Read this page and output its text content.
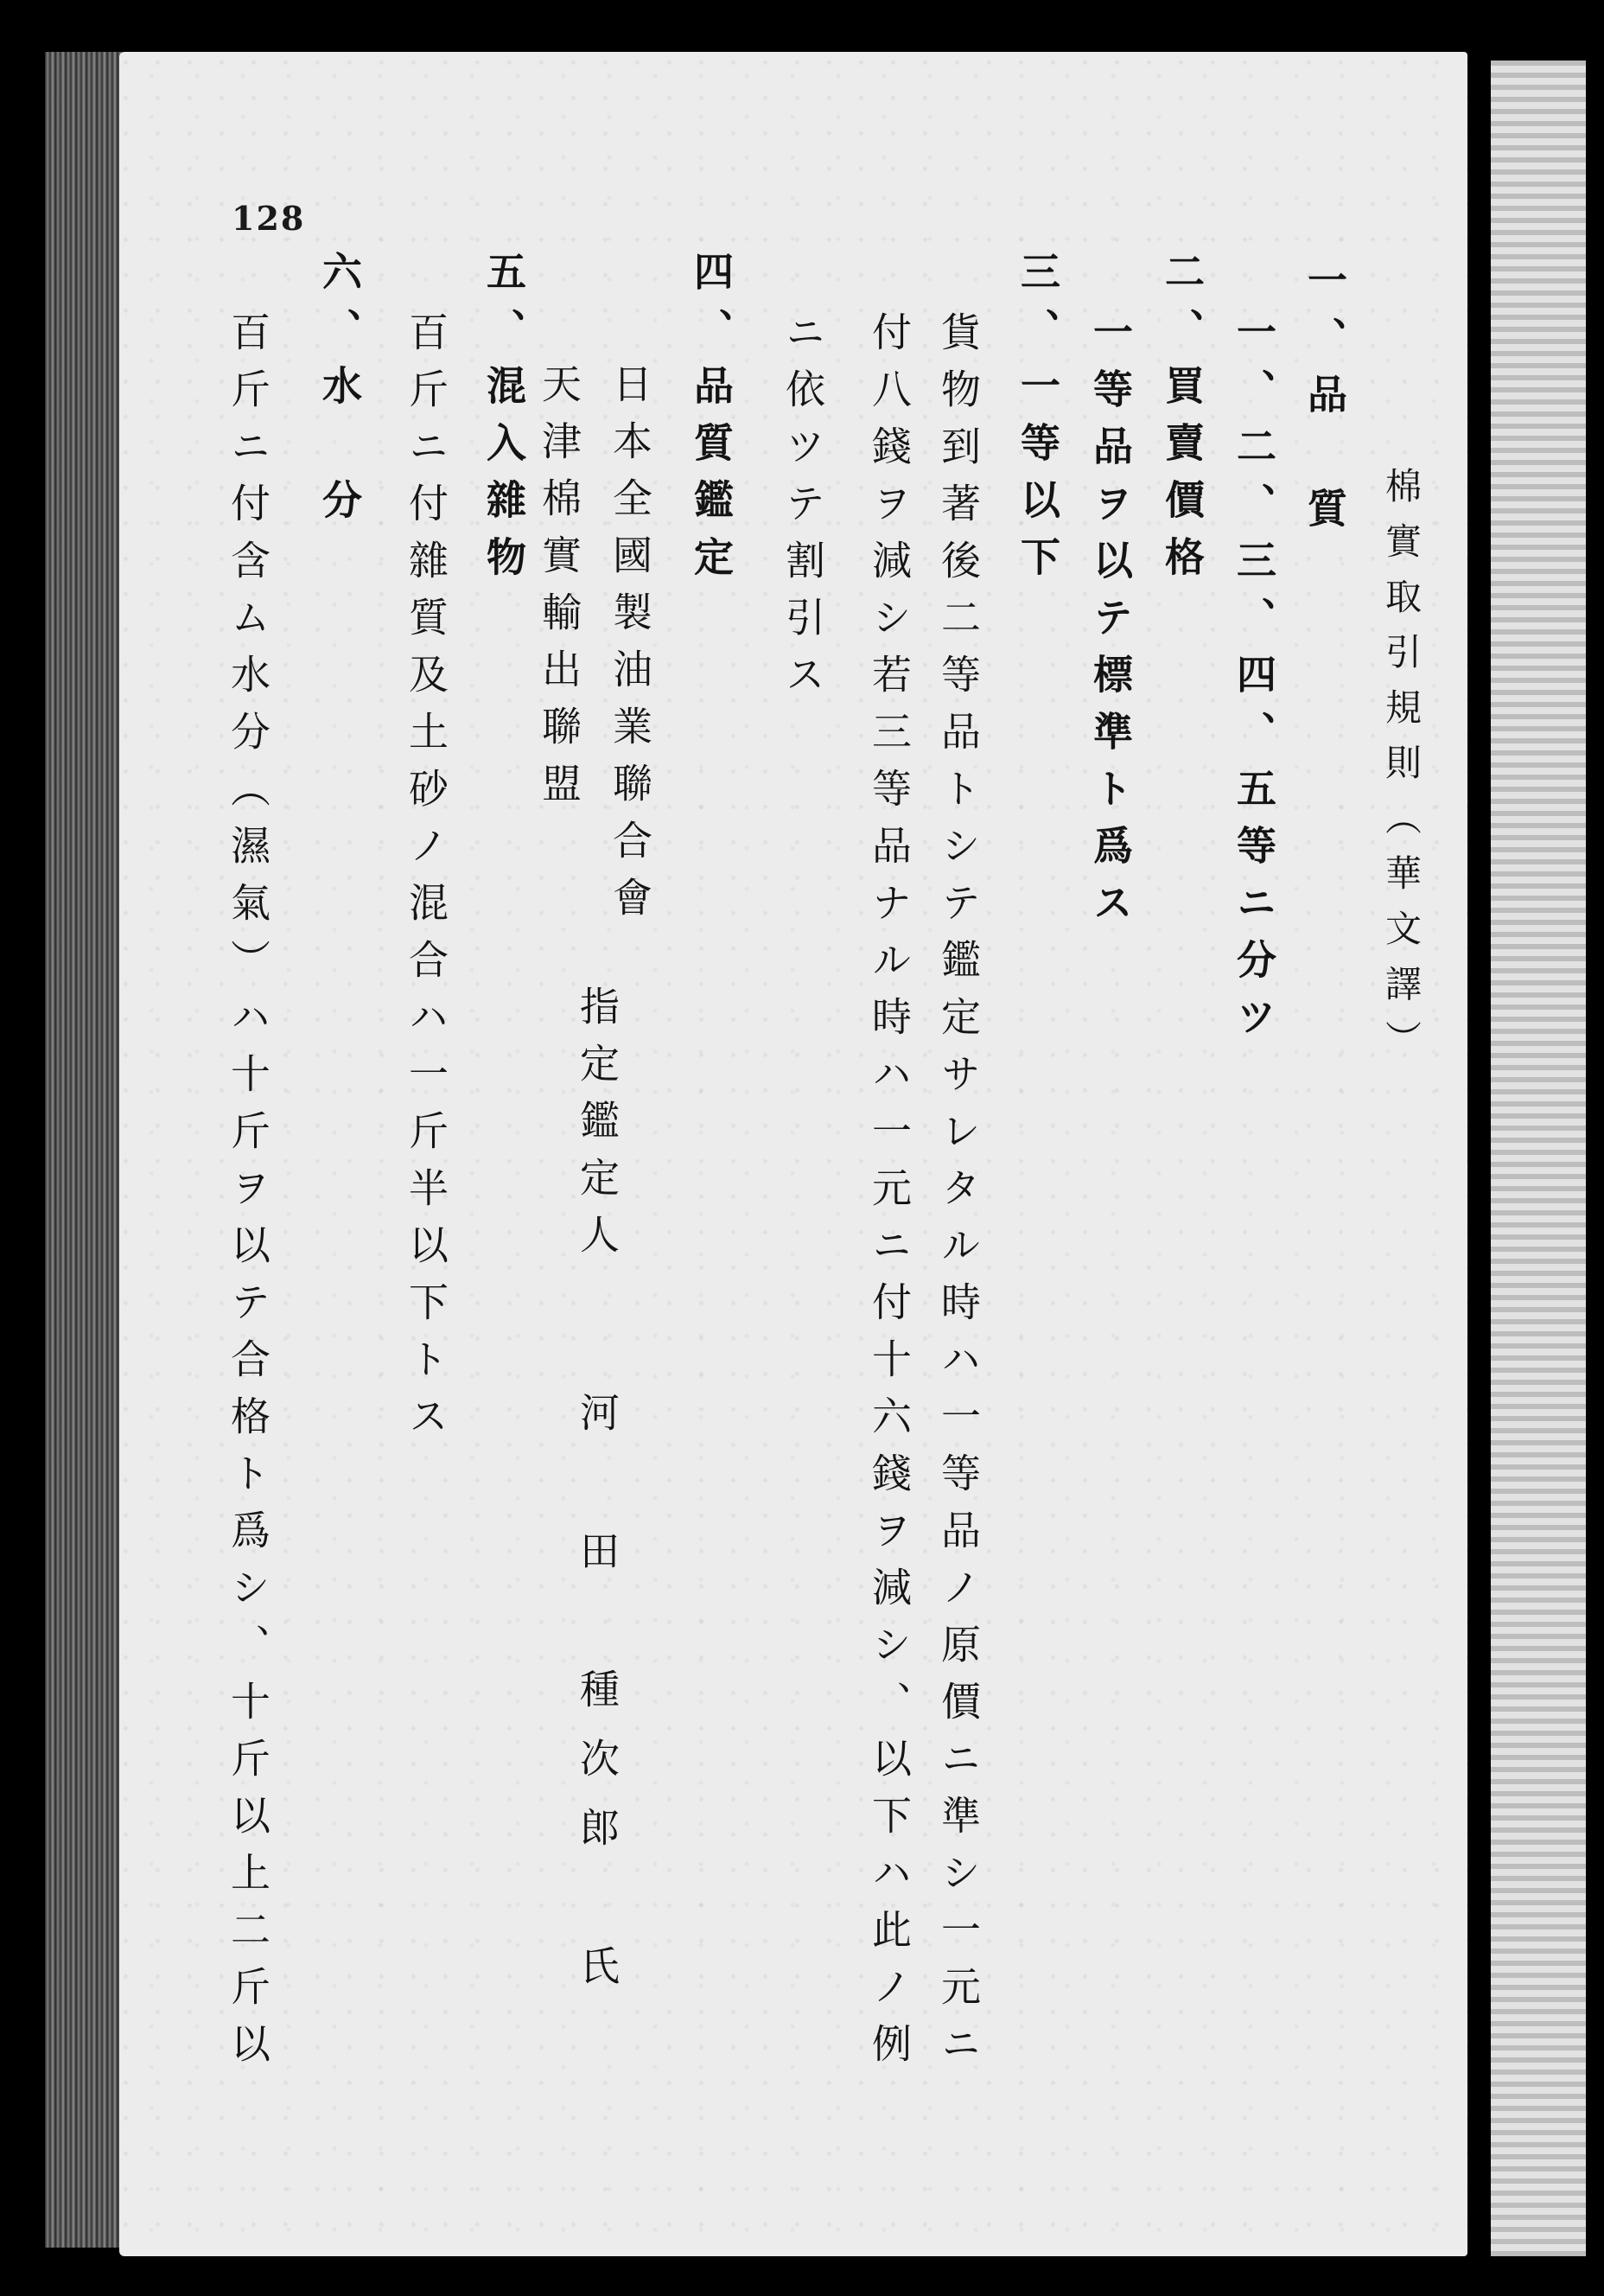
128
棉實取引規則（華文譯）
一、品　質
一、二、三、四、五等ニ分ツ
二、買賣價格
一等品ヲ以テ標準ト爲ス
三、一等以下
貨物到著後二等品トシテ鑑定サレタル時ハ一等品ノ原價ニ準シ一元ニ
付八錢ヲ減シ若三等品ナル時ハ一元ニ付十六錢ヲ減シ、以下ハ此ノ例
ニ依ツテ割引ス
四、品質鑑定
日本全國製油業聯合會
天津棉實輸出聯盟
指定鑑定人
河　田　種次郎　氏
五、混入雜物
百斤ニ付雜質及土砂ノ混合ハ一斤半以下トス
六、水　分
百斤ニ付含ム水分（濕氣）ハ十斤ヲ以テ合格ト爲シ、十斤以上二斤以
